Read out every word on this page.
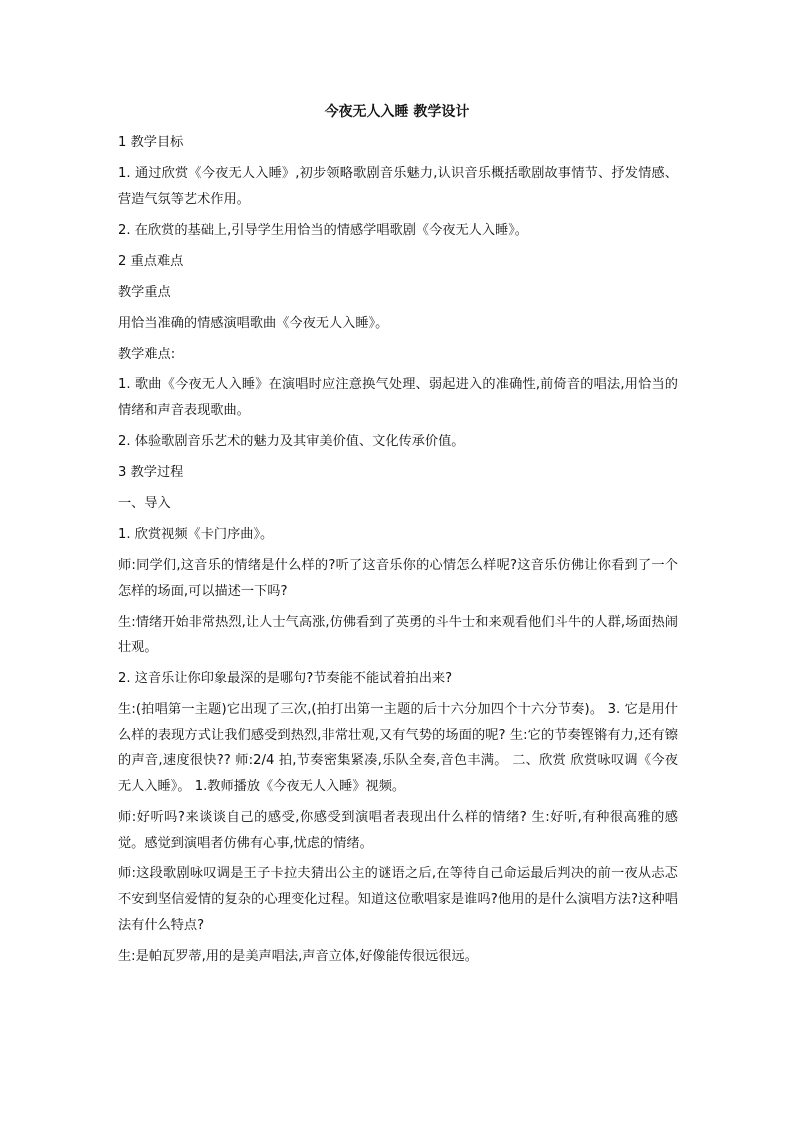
今夜无人入睡 教学设计

1 教学目标

1. 通过欣赏《今夜无人入睡》,初步领略歌剧音乐魅力,认识音乐概括歌剧故事情节、抒发情感、营造气氛等艺术作用。

2. 在欣赏的基础上,引导学生用恰当的情感学唱歌剧《今夜无人入睡》。

2 重点难点

教学重点

用恰当准确的情感演唱歌曲《今夜无人入睡》。

教学难点:

1. 歌曲《今夜无人入睡》在演唱时应注意换气处理、弱起进入的准确性,前倚音的唱法,用恰当的情绪和声音表现歌曲。

2. 体验歌剧音乐艺术的魅力及其审美价值、文化传承价值。

3 教学过程

一、导入

1. 欣赏视频《卡门序曲》。

师:同学们,这音乐的情绪是什么样的?听了这音乐你的心情怎么样呢?这音乐仿佛让你看到了一个怎样的场面,可以描述一下吗?

生:情绪开始非常热烈,让人士气高涨,仿佛看到了英勇的斗牛士和来观看他们斗牛的人群,场面热闹壮观。

2. 这音乐让你印象最深的是哪句?节奏能不能试着拍出来?

生:(拍唱第一主题)它出现了三次,(拍打出第一主题的后十六分加四个十六分节奏)。 3. 它是用什么样的表现方式让我们感受到热烈,非常壮观,又有气势的场面的呢? 生:它的节奏铿锵有力,还有镲的声音,速度很快?? 师:2/4 拍,节奏密集紧凑,乐队全奏,音色丰满。 二、欣赏 欣赏咏叹调《今夜无人入睡》。 1.教师播放《今夜无人入睡》视频。

师:好听吗?来谈谈自己的感受,你感受到演唱者表现出什么样的情绪? 生:好听,有种很高雅的感觉。感觉到演唱者仿佛有心事,忧虑的情绪。

师:这段歌剧咏叹调是王子卡拉夫猜出公主的谜语之后,在等待自己命运最后判决的前一夜从忐忑不安到坚信爱情的复杂的心理变化过程。知道这位歌唱家是谁吗?他用的是什么演唱方法?这种唱法有什么特点?

生:是帕瓦罗蒂,用的是美声唱法,声音立体,好像能传很远很远。
